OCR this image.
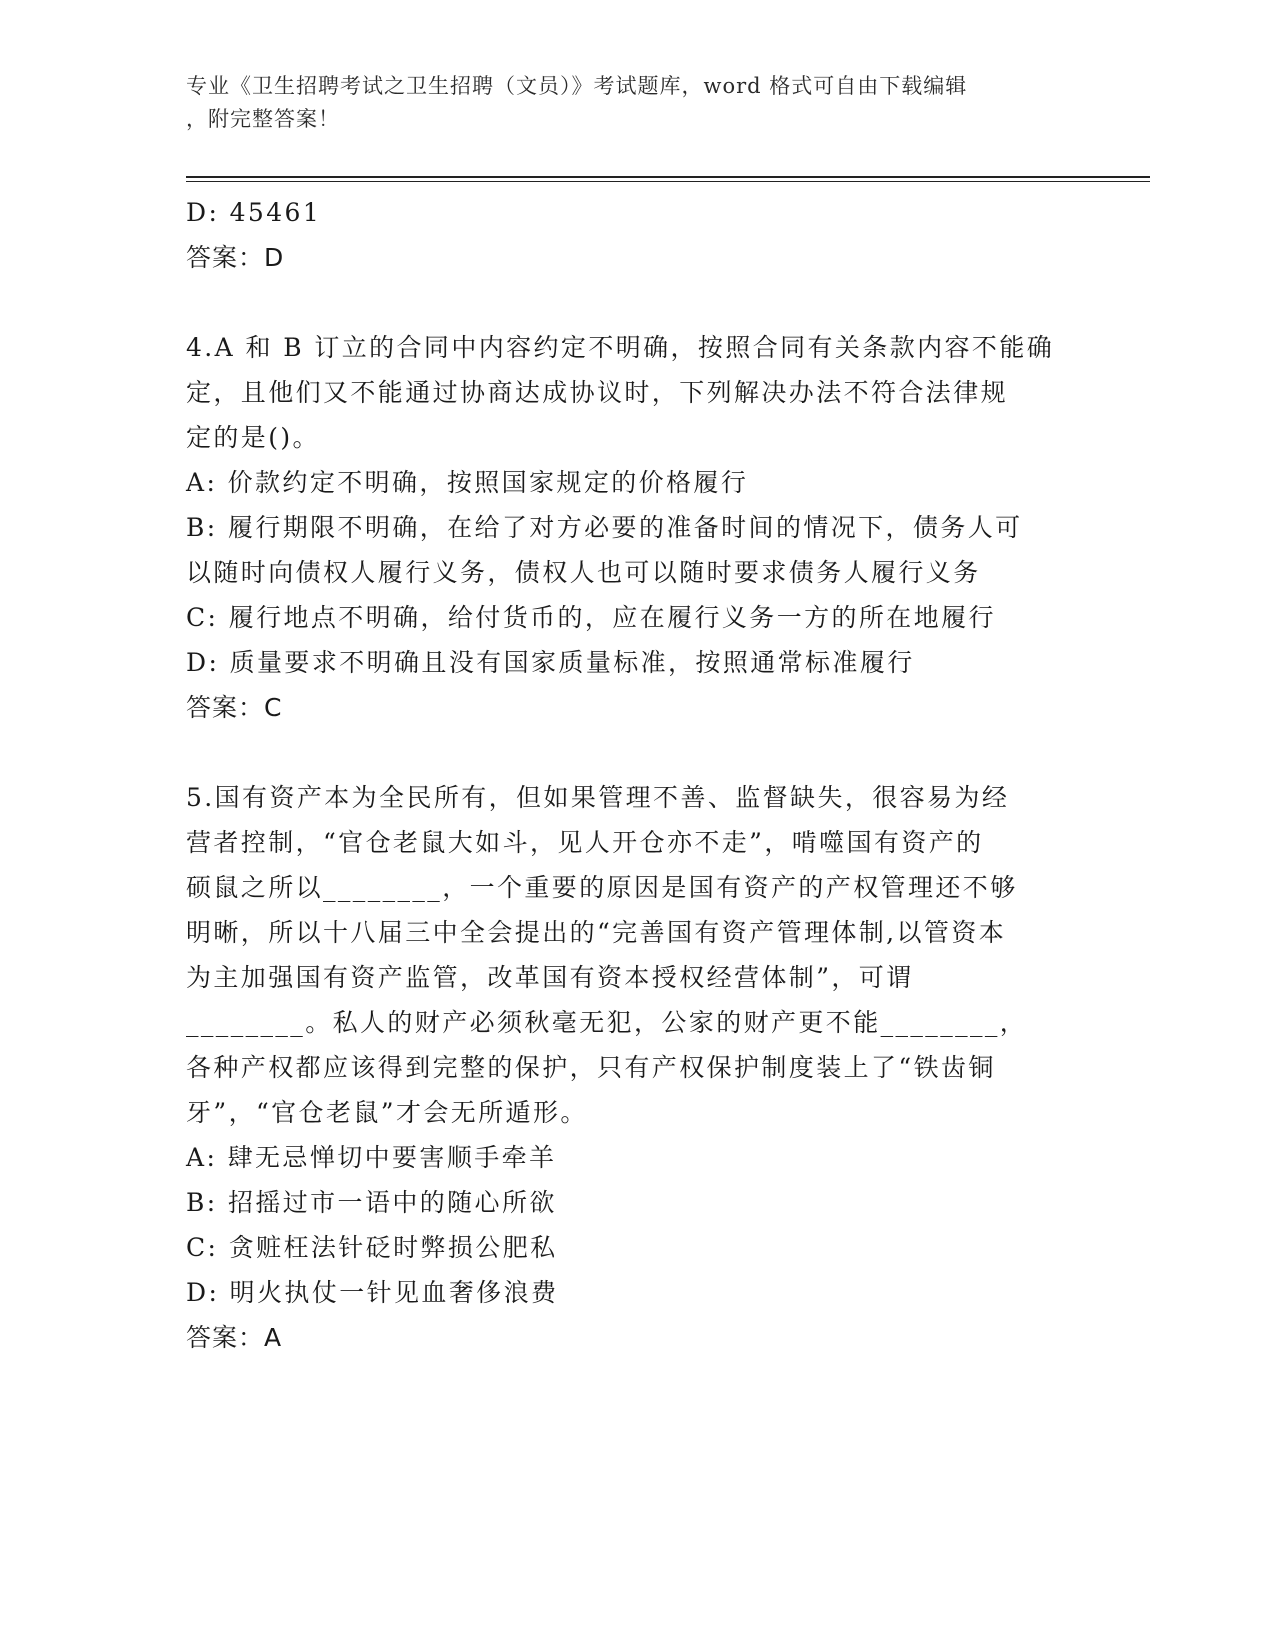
专业《卫生招聘考试之卫生招聘（文员）》考试题库，word 格式可自由下载编辑
，附完整答案！
D: 45461
答案：D
4.A 和 B 订立的合同中内容约定不明确，按照合同有关条款内容不能确
定，且他们又不能通过协商达成协议时，下列解决办法不符合法律规
定的是()。
A: 价款约定不明确，按照国家规定的价格履行
B: 履行期限不明确，在给了对方必要的准备时间的情况下，债务人可
以随时向债权人履行义务，债权人也可以随时要求债务人履行义务
C: 履行地点不明确，给付货币的，应在履行义务一方的所在地履行
D: 质量要求不明确且没有国家质量标准，按照通常标准履行
答案：C
5.国有资产本为全民所有，但如果管理不善、监督缺失，很容易为经
营者控制，“官仓老鼠大如斗，见人开仓亦不走”，啃噬国有资产的
硕鼠之所以________，一个重要的原因是国有资产的产权管理还不够
明晰，所以十八届三中全会提出的“完善国有资产管理体制,以管资本
为主加强国有资产监管，改革国有资本授权经营体制”，可谓
________。私人的财产必须秋毫无犯，公家的财产更不能________，
各种产权都应该得到完整的保护，只有产权保护制度装上了“铁齿铜
牙”，“官仓老鼠”才会无所遁形。
A: 肆无忌惮切中要害顺手牵羊
B: 招摇过市一语中的随心所欲
C: 贪赃枉法针砭时弊损公肥私
D: 明火执仗一针见血奢侈浪费
答案：A
